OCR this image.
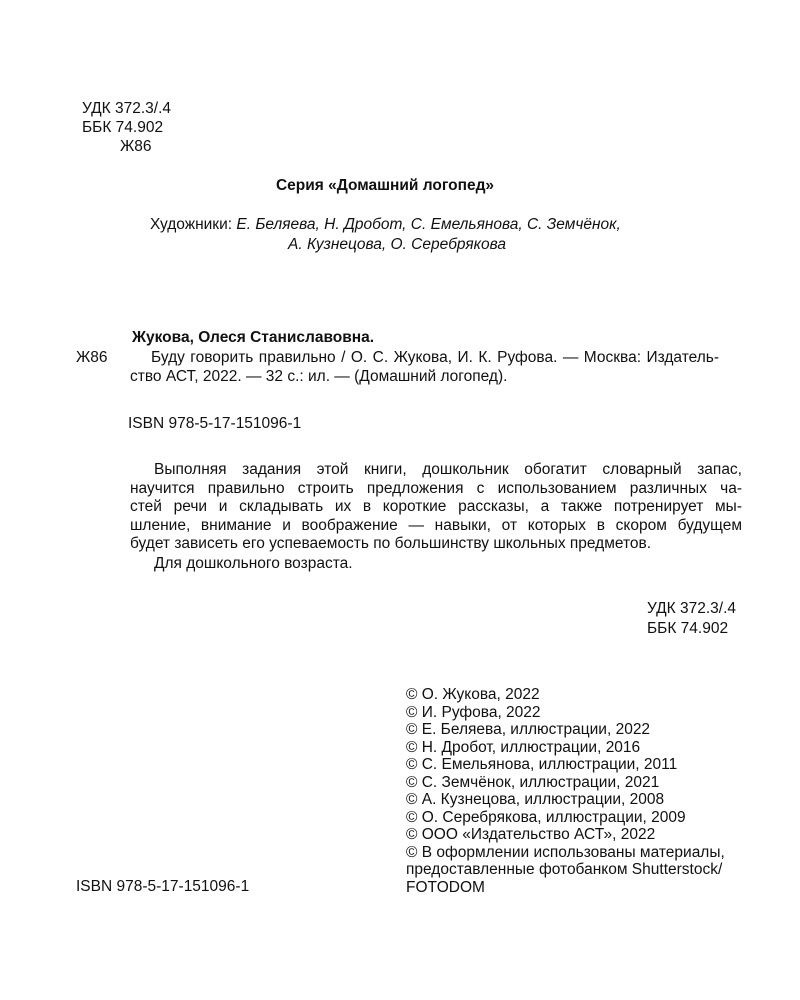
УДК 372.3/.4
ББК 74.902
Ж86
Серия «Домашний логопед»
Художники: Е. Беляева, Н. Дробот, С. Емельянова, С. Земчёнок,
А. Кузнецова, О. Серебрякова
Жукова, Олеся Станиславовна.
Ж86	Буду говорить правильно / О. С. Жукова, И. К. Руфова. — Москва: Издатель-
ство АСТ, 2022. — 32 с.: ил. — (Домашний логопед).
ISBN 978-5-17-151096-1
Выполняя задания этой книги, дошкольник обогатит словарный запас,
научится правильно строить предложения с использованием различных ча-
стей речи и складывать их в короткие рассказы, а также потренирует мы-
шление, внимание и воображение — навыки, от которых в скором будущем
будет зависеть его успеваемость по большинству школьных предметов.
Для дошкольного возраста.
УДК 372.3/.4
ББК 74.902
© О. Жукова, 2022
© И. Руфова, 2022
© Е. Беляева, иллюстрации, 2022
© Н. Дробот, иллюстрации, 2016
© С. Емельянова, иллюстрации, 2011
© С. Земчёнок, иллюстрации, 2021
© А. Кузнецова, иллюстрации, 2008
© О. Серебрякова, иллюстрации, 2009
© ООО «Издательство АСТ», 2022
© В оформлении использованы материалы,
предоставленные фотобанком Shutterstock/
FOTODOM
ISBN 978-5-17-151096-1
